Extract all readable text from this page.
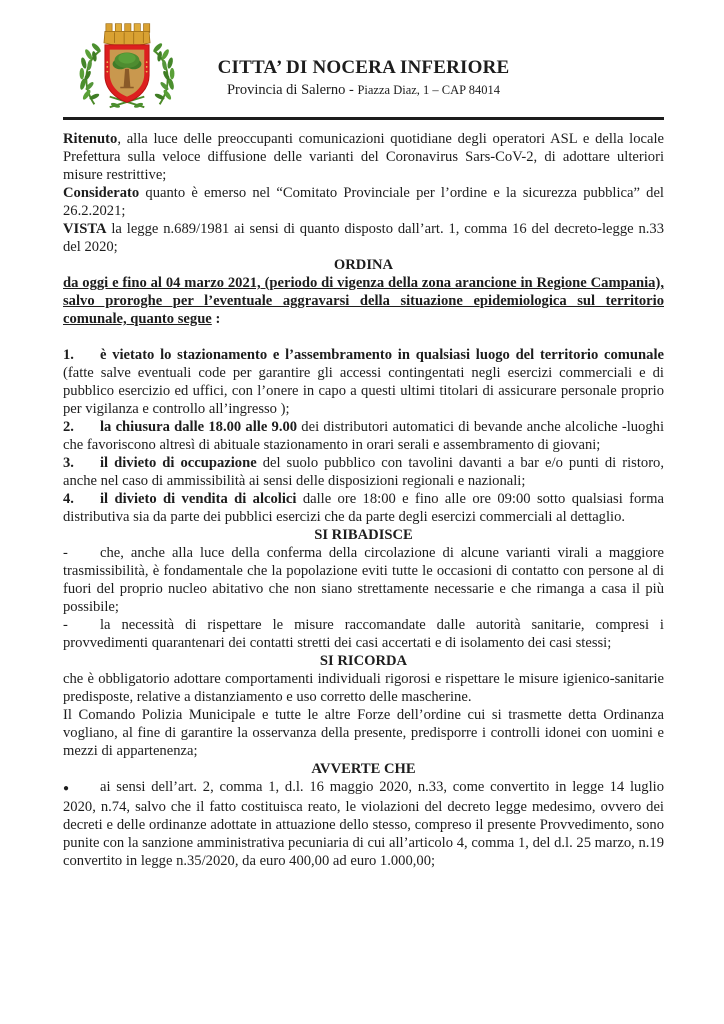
CITTA’ DI NOCERA INFERIORE
Provincia di Salerno - Piazza Diaz, 1 – CAP 84014

Ritenuto, alla luce delle preoccupanti comunicazioni quotidiane degli operatori ASL e della locale Prefettura sulla veloce diffusione delle varianti del Coronavirus Sars-CoV-2, di adottare ulteriori misure restrittive;

Considerato quanto è emerso nel “Comitato Provinciale per l’ordine e la sicurezza pubblica” del 26.2.2021;

VISTA la legge n.689/1981 ai sensi di quanto disposto dall’art. 1, comma 16 del decreto-legge n.33 del 2020;

ORDINA

da oggi e fino al 04 marzo 2021, (periodo di vigenza della zona arancione in Regione Campania), salvo proroghe per l’eventuale aggravarsi della situazione epidemiologica sul territorio comunale, quanto segue :

1. è vietato lo stazionamento e l’assembramento in qualsiasi luogo del territorio comunale (fatte salve eventuali code per garantire gli accessi contingentati negli esercizi commerciali e di pubblico esercizio ed uffici, con l’onere in capo a questi ultimi titolari di assicurare personale proprio per vigilanza e controllo all’ingresso );

2. la chiusura dalle 18.00 alle 9.00 dei distributori automatici di bevande anche alcoliche -luoghi che favoriscono altresì di abituale stazionamento in orari serali e assembramento di giovani;

3. il divieto di occupazione del suolo pubblico con tavolini davanti a bar e/o punti di ristoro, anche nel caso di ammissibilità ai sensi delle disposizioni regionali e nazionali;

4. il divieto di vendita di alcolici dalle ore 18:00 e fino alle ore 09:00 sotto qualsiasi forma distributiva sia da parte dei pubblici esercizi che da parte degli esercizi commerciali al dettaglio.

SI RIBADISCE

- che, anche alla luce della conferma della circolazione di alcune varianti virali a maggiore trasmissibilità, è fondamentale che la popolazione eviti tutte le occasioni di contatto con persone al di fuori del proprio nucleo abitativo che non siano strettamente necessarie e che rimanga a casa il più possibile;

- la necessità di rispettare le misure raccomandate dalle autorità sanitarie, compresi i provvedimenti quarantenari dei contatti stretti dei casi accertati e di isolamento dei casi stessi;

SI RICORDA

che è obbligatorio adottare comportamenti individuali rigorosi e rispettare le misure igienico-sanitarie predisposte, relative a distanziamento e uso corretto delle mascherine.

Il Comando Polizia Municipale e tutte le altre Forze dell’ordine cui si trasmette detta Ordinanza vogliano, al fine di garantire la osservanza della presente, predisporre i controlli idonei con uomini e mezzi di appartenenza;

AVVERTE CHE

● ai sensi dell’art. 2, comma 1, d.l. 16 maggio 2020, n.33, come convertito in legge 14 luglio 2020, n.74, salvo che il fatto costituisca reato, le violazioni del decreto legge medesimo, ovvero dei decreti e delle ordinanze adottate in attuazione dello stesso, compreso il presente Provvedimento, sono punite con la sanzione amministrativa pecuniaria di cui all’articolo 4, comma 1, del d.l. 25 marzo, n.19 convertito in legge n.35/2020, da euro 400,00 ad euro 1.000,00;
